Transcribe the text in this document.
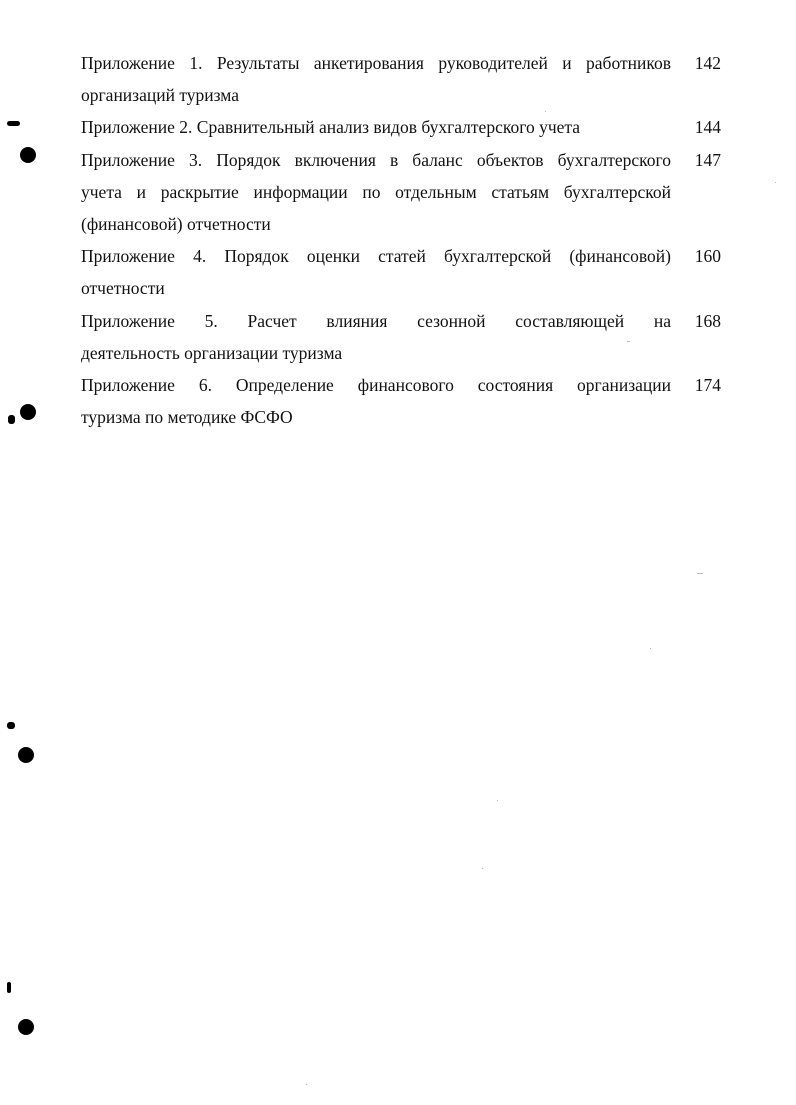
Приложение 1. Результаты анкетирования руководителей и работников
организаций туризма
142
Приложение 2. Сравнительный анализ видов бухгалтерского учета	144
Приложение 3. Порядок включения в баланс объектов бухгалтерского
учета и раскрытие информации по отдельным статьям бухгалтерской
(финансовой) отчетности
147
Приложение 4. Порядок оценки статей бухгалтерской (финансовой)
отчетности
160
Приложение 5. Расчет влияния сезонной составляющей на
деятельность организации туризма
168
Приложение 6. Определение финансового состояния организации
туризма по методике ФСФО
174
